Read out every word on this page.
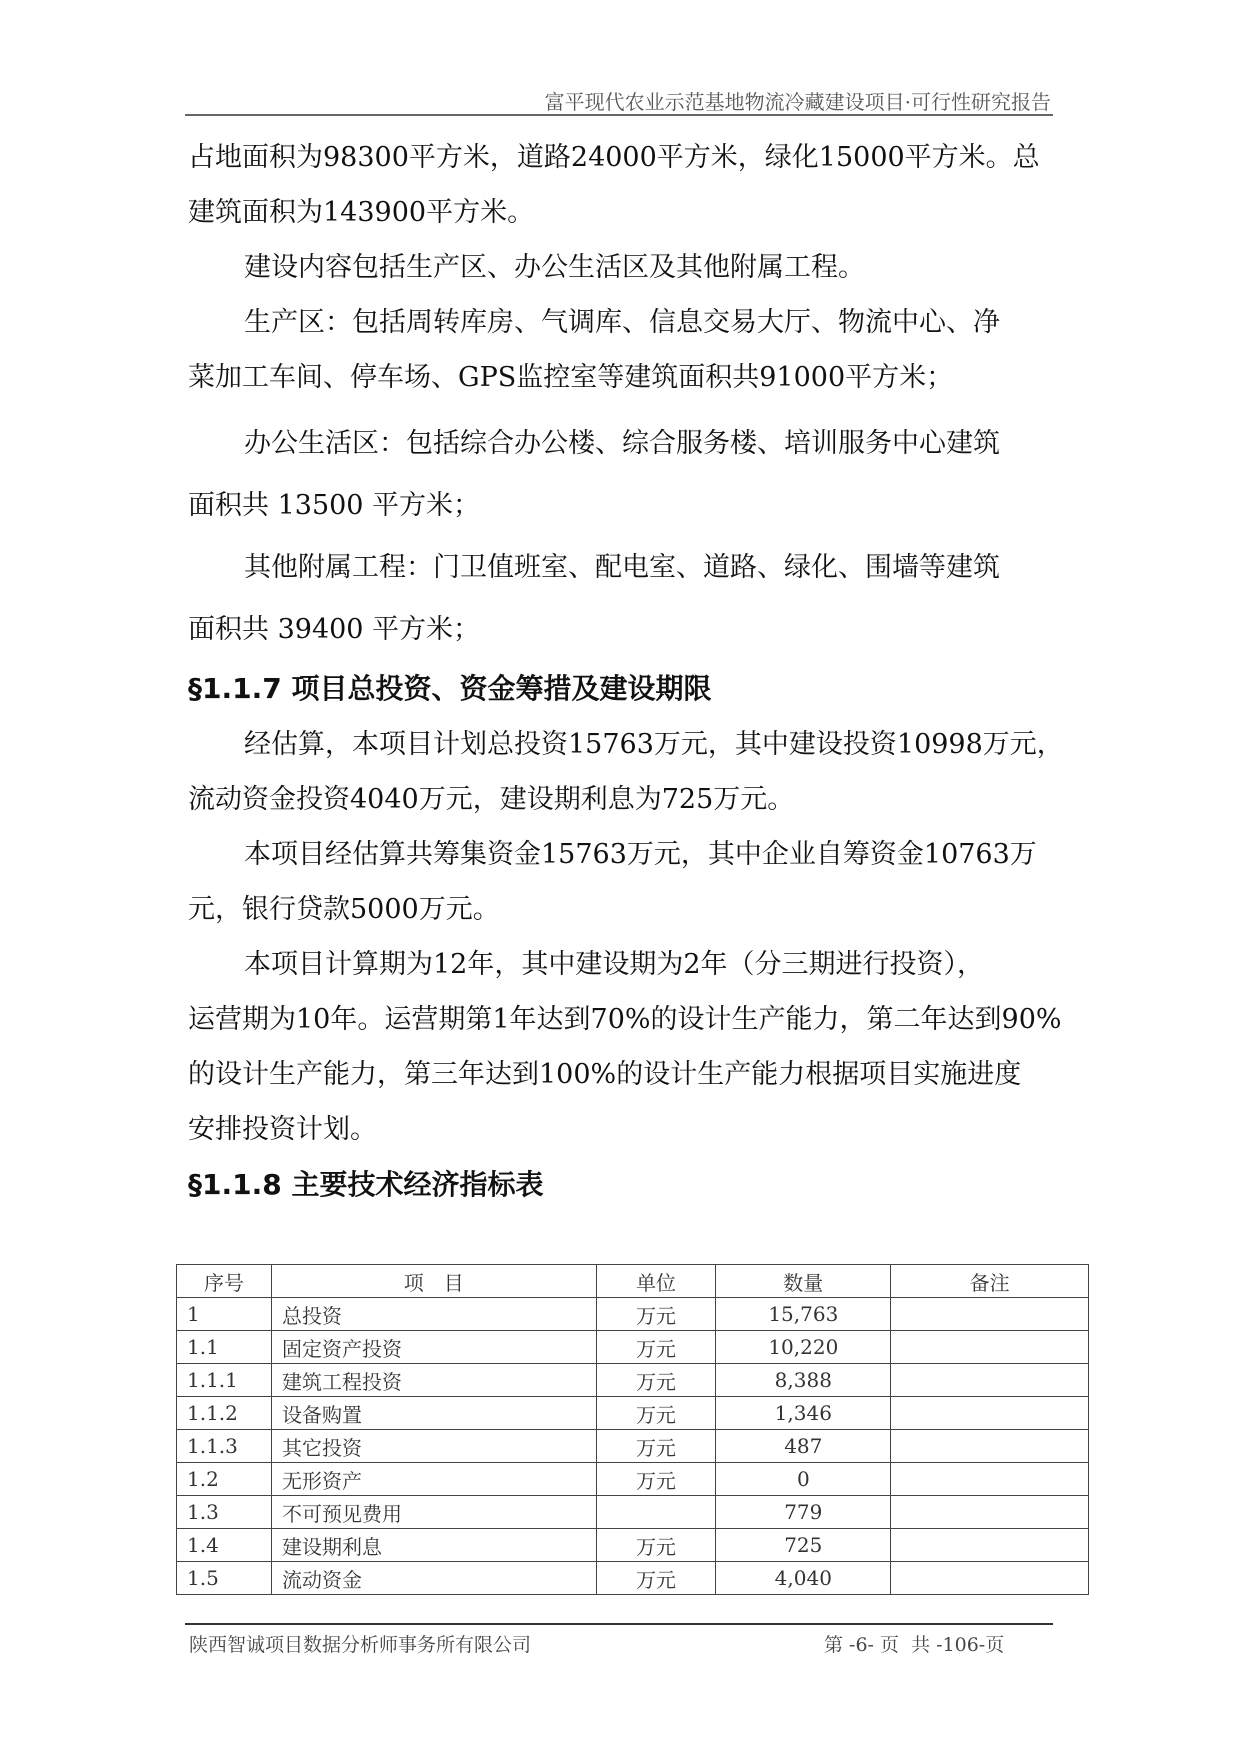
富平现代农业示范基地物流冷藏建设项目·可行性研究报告

占地面积为98300平方米，道路24000平方米，绿化15000平方米。总

建筑面积为143900平方米。

建设内容包括生产区、办公生活区及其他附属工程。

生产区：包括周转库房、气调库、信息交易大厅、物流中心、净

菜加工车间、停车场、GPS监控室等建筑面积共91000平方米；

办公生活区：包括综合办公楼、综合服务楼、培训服务中心建筑

面积共 13500 平方米；

其他附属工程：门卫值班室、配电室、道路、绿化、围墙等建筑

面积共 39400 平方米；

§1.1.7 项目总投资、资金筹措及建设期限

经估算，本项目计划总投资15763万元，其中建设投资10998万元，

流动资金投资4040万元，建设期利息为725万元。

本项目经估算共筹集资金15763万元，其中企业自筹资金10763万

元，银行贷款5000万元。

本项目计算期为12年，其中建设期为2年（分三期进行投资），

运营期为10年。运营期第1年达到70%的设计生产能力，第二年达到90%

的设计生产能力，第三年达到100%的设计生产能力根据项目实施进度

安排投资计划。

§1.1.8 主要技术经济指标表

序号	项　目	单位	数量	备注
1	总投资	万元	15,763	
1.1	固定资产投资	万元	10,220	
1.1.1	建筑工程投资	万元	8,388	
1.1.2	设备购置	万元	1,346	
1.1.3	其它投资	万元	487	
1.2	无形资产	万元	0	
1.3	不可预见费用		779	
1.4	建设期利息	万元	725	
1.5	流动资金	万元	4,040	
陕西智诚项目数据分析师事务所有限公司	第 -6- 页  共 -106-页
